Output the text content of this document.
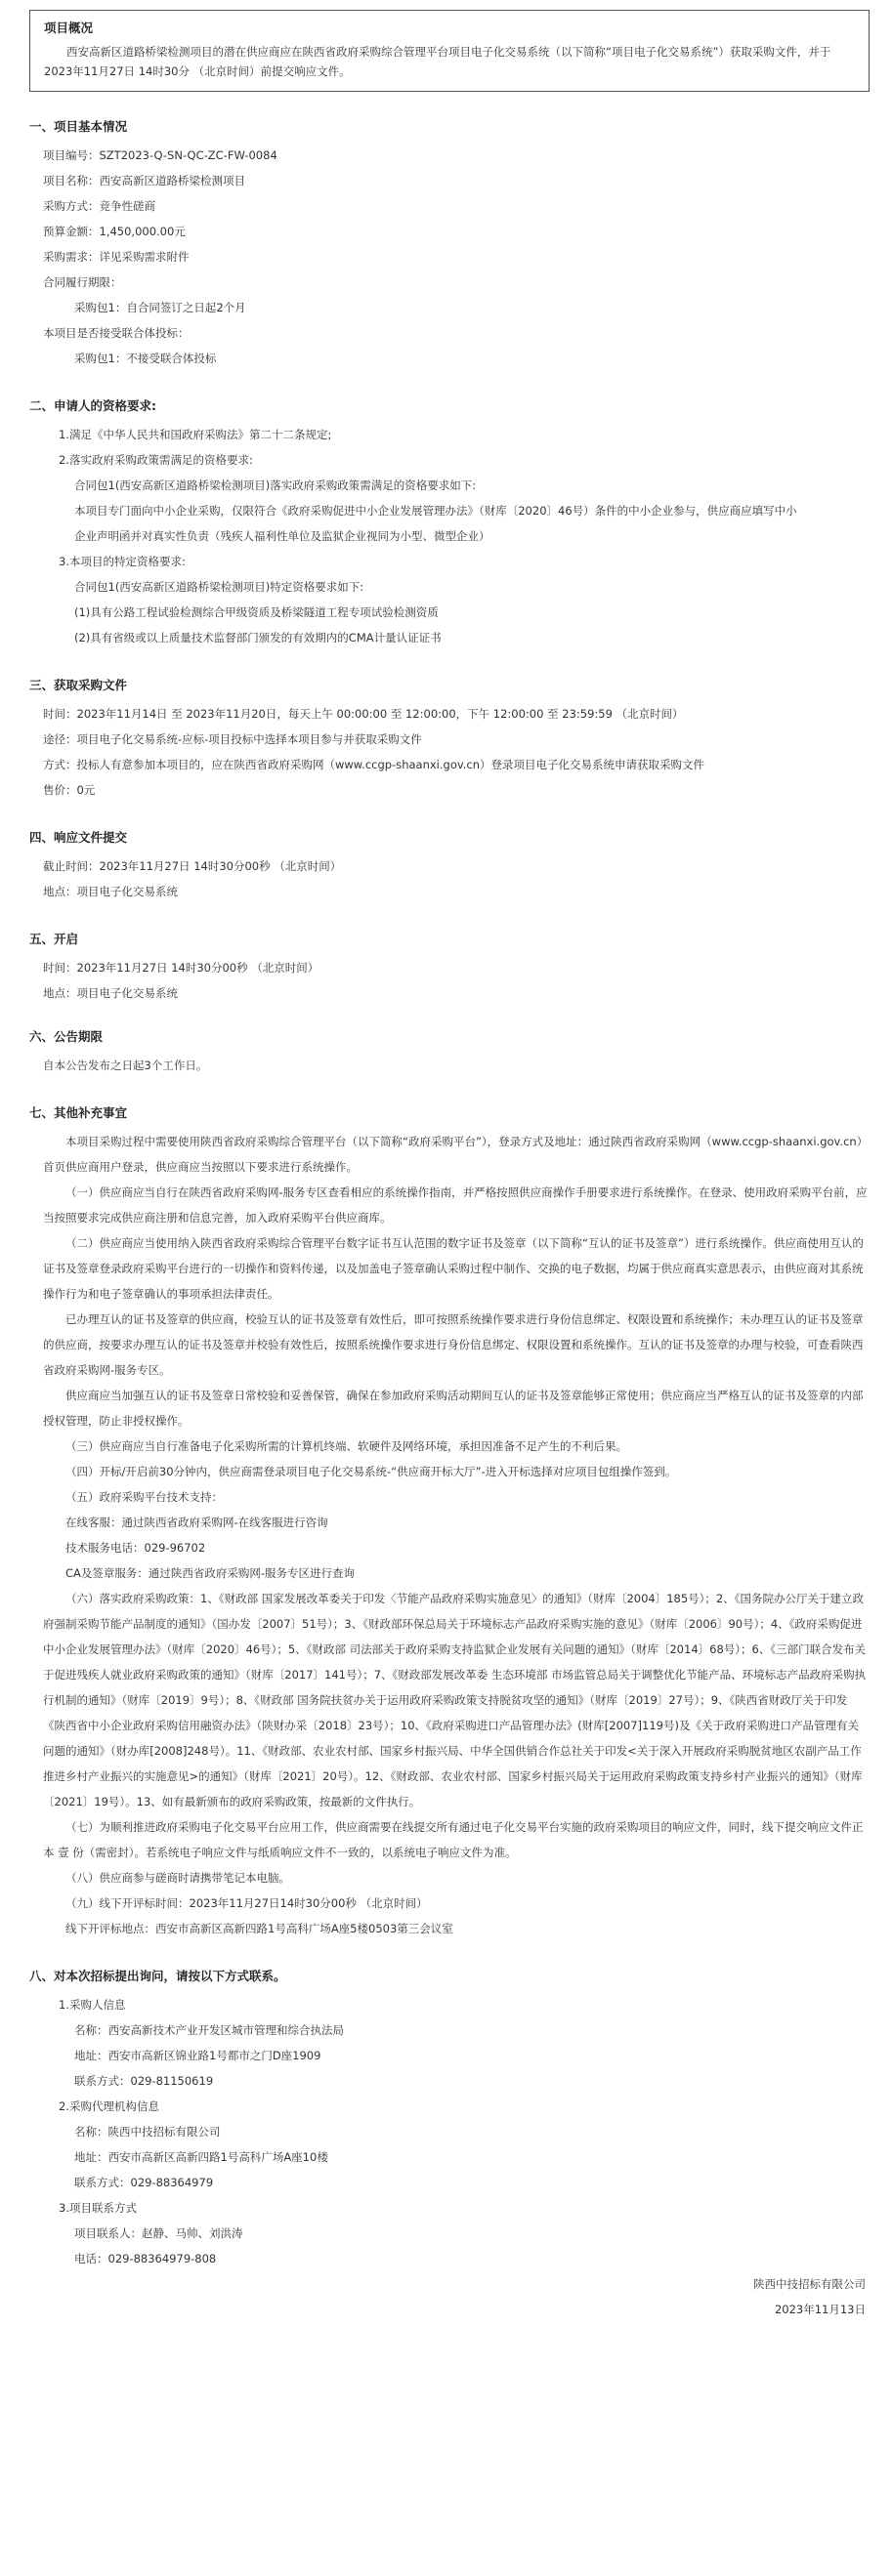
项目概况
西安高新区道路桥梁检测项目的潜在供应商应在陕西省政府采购综合管理平台项目电子化交易系统（以下简称“项目电子化交易系统”）获取采购文件，并于 2023年11月27日 14时30分 （北京时间）前提交响应文件。
一、项目基本情况
项目编号：SZT2023-Q-SN-QC-ZC-FW-0084
项目名称：西安高新区道路桥梁检测项目
采购方式：竞争性磋商
预算金额：1,450,000.00元
采购需求：详见采购需求附件
合同履行期限：
采购包1：自合同签订之日起2个月
本项目是否接受联合体投标：
采购包1：不接受联合体投标
二、申请人的资格要求:
1.满足《中华人民共和国政府采购法》第二十二条规定;
2.落实政府采购政策需满足的资格要求:
合同包1(西安高新区道路桥梁检测项目)落实政府采购政策需满足的资格要求如下:
本项目专门面向中小企业采购，仅限符合《政府采购促进中小企业发展管理办法》（财库〔2020〕46号）条件的中小企业参与，供应商应填写中小
企业声明函并对真实性负责（残疾人福利性单位及监狱企业视同为小型、微型企业）
3.本项目的特定资格要求:
合同包1(西安高新区道路桥梁检测项目)特定资格要求如下:
(1)具有公路工程试验检测综合甲级资质及桥梁隧道工程专项试验检测资质
(2)具有省级或以上质量技术监督部门颁发的有效期内的CMA计量认证证书
三、获取采购文件
时间：2023年11月14日 至 2023年11月20日，每天上午 00:00:00 至 12:00:00，下午 12:00:00 至 23:59:59 （北京时间）
途径：项目电子化交易系统-应标-项目投标中选择本项目参与并获取采购文件
方式：投标人有意参加本项目的，应在陕西省政府采购网（www.ccgp-shaanxi.gov.cn）登录项目电子化交易系统申请获取采购文件
售价：0元
四、响应文件提交
截止时间：2023年11月27日 14时30分00秒 （北京时间）
地点：项目电子化交易系统
五、开启
时间：2023年11月27日 14时30分00秒 （北京时间）
地点：项目电子化交易系统
六、公告期限
自本公告发布之日起3个工作日。
七、其他补充事宜
本项目采购过程中需要使用陕西省政府采购综合管理平台（以下简称“政府采购平台”），登录方式及地址：通过陕西省政府采购网（www.ccgp-shaanxi.gov.cn）首页供应商用户登录，供应商应当按照以下要求进行系统操作。
（一）供应商应当自行在陕西省政府采购网-服务专区查看相应的系统操作指南，并严格按照供应商操作手册要求进行系统操作。在登录、使用政府采购平台前，应当按照要求完成供应商注册和信息完善，加入政府采购平台供应商库。
（二）供应商应当使用纳入陕西省政府采购综合管理平台数字证书互认范围的数字证书及签章（以下简称“互认的证书及签章”）进行系统操作。供应商使用互认的证书及签章登录政府采购平台进行的一切操作和资料传递，以及加盖电子签章确认采购过程中制作、交换的电子数据，均属于供应商真实意思表示，由供应商对其系统操作行为和电子签章确认的事项承担法律责任。
已办理互认的证书及签章的供应商，校验互认的证书及签章有效性后，即可按照系统操作要求进行身份信息绑定、权限设置和系统操作；未办理互认的证书及签章的供应商，按要求办理互认的证书及签章并校验有效性后，按照系统操作要求进行身份信息绑定、权限设置和系统操作。互认的证书及签章的办理与校验，可查看陕西省政府采购网-服务专区。
供应商应当加强互认的证书及签章日常校验和妥善保管，确保在参加政府采购活动期间互认的证书及签章能够正常使用；供应商应当严格互认的证书及签章的内部授权管理，防止非授权操作。
（三）供应商应当自行准备电子化采购所需的计算机终端、软硬件及网络环境，承担因准备不足产生的不利后果。
（四）开标/开启前30分钟内，供应商需登录项目电子化交易系统-“供应商开标大厅”-进入开标选择对应项目包组操作签到。
（五）政府采购平台技术支持：
在线客服：通过陕西省政府采购网-在线客服进行咨询
技术服务电话：029-96702
CA及签章服务：通过陕西省政府采购网-服务专区进行查询
（六）落实政府采购政策：1、《财政部 国家发展改革委关于印发〈节能产品政府采购实施意见〉的通知》（财库〔2004〕185号）；2、《国务院办公厅关于建立政府强制采购节能产品制度的通知》（国办发〔2007〕51号）；3、《财政部环保总局关于环境标志产品政府采购实施的意见》（财库〔2006〕90号）；4、《政府采购促进中小企业发展管理办法》（财库〔2020〕46号）；5、《财政部 司法部关于政府采购支持监狱企业发展有关问题的通知》（财库〔2014〕68号）；6、《三部门联合发布关于促进残疾人就业政府采购政策的通知》（财库〔2017〕141号）；7、《财政部发展改革委 生态环境部 市场监管总局关于调整优化节能产品、环境标志产品政府采购执行机制的通知》（财库〔2019〕9号）；8、《财政部 国务院扶贫办关于运用政府采购政策支持脱贫攻坚的通知》（财库〔2019〕27号）；9、《陕西省财政厅关于印发《陕西省中小企业政府采购信用融资办法》（陕财办采〔2018〕23号）；10、《政府采购进口产品管理办法》(财库[2007]119号)及《关于政府采购进口产品管理有关问题的通知》（财办库[2008]248号）。11、《财政部、农业农村部、国家乡村振兴局、中华全国供销合作总社关于印发<关于深入开展政府采购脱贫地区农副产品工作推进乡村产业振兴的实施意见>的通知》（财库〔2021〕20号）。12、《财政部、农业农村部、国家乡村振兴局关于运用政府采购政策支持乡村产业振兴的通知》（财库〔2021〕19号）。13、如有最新颁布的政府采购政策，按最新的文件执行。
（七）为顺利推进政府采购电子化交易平台应用工作，供应商需要在线提交所有通过电子化交易平台实施的政府采购项目的响应文件，同时，线下提交响应文件正本 壹 份（需密封）。若系统电子响应文件与纸质响应文件不一致的，以系统电子响应文件为准。
（八）供应商参与磋商时请携带笔记本电脑。
（九）线下开评标时间：2023年11月27日14时30分00秒 （北京时间）
线下开评标地点：西安市高新区高新四路1号高科广场A座5楼0503第三会议室
八、对本次招标提出询问，请按以下方式联系。
1.采购人信息
名称：西安高新技术产业开发区城市管理和综合执法局
地址：西安市高新区锦业路1号都市之门D座1909
联系方式：029-81150619
2.采购代理机构信息
名称：陕西中技招标有限公司
地址：西安市高新区高新四路1号高科广场A座10楼
联系方式：029-88364979
3.项目联系方式
项目联系人：赵静、马帅、刘洪涛
电话：029-88364979-808
陕西中技招标有限公司
2023年11月13日
